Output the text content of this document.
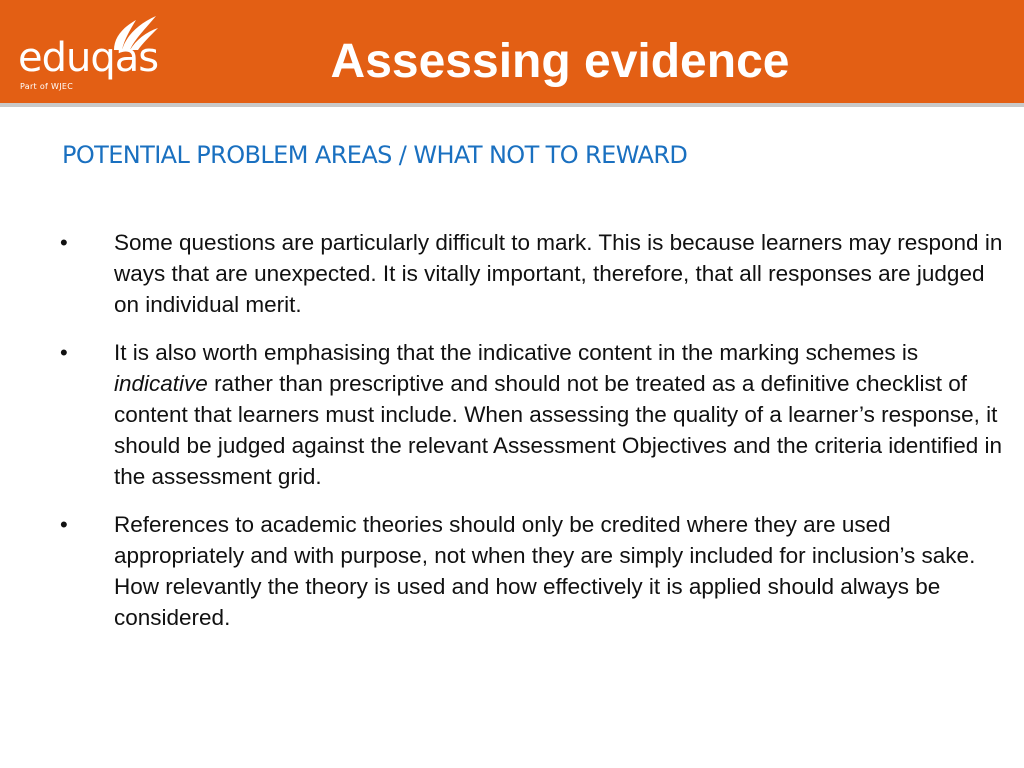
eduqas
Part of WJEC	Assessing evidence
POTENTIAL PROBLEM AREAS / WHAT NOT TO REWARD
• Some questions are particularly difficult to mark. This is because learners may respond in ways that are unexpected. It is vitally important, therefore, that all responses are judged on individual merit.
• It is also worth emphasising that the indicative content in the marking schemes is indicative rather than prescriptive and should not be treated as a definitive checklist of content that learners must include. When assessing the quality of a learner’s response, it should be judged against the relevant Assessment Objectives and the criteria identified in the assessment grid.
• References to academic theories should only be credited where they are used appropriately and with purpose, not when they are simply included for inclusion’s sake. How relevantly the theory is used and how effectively it is applied should always be considered.
